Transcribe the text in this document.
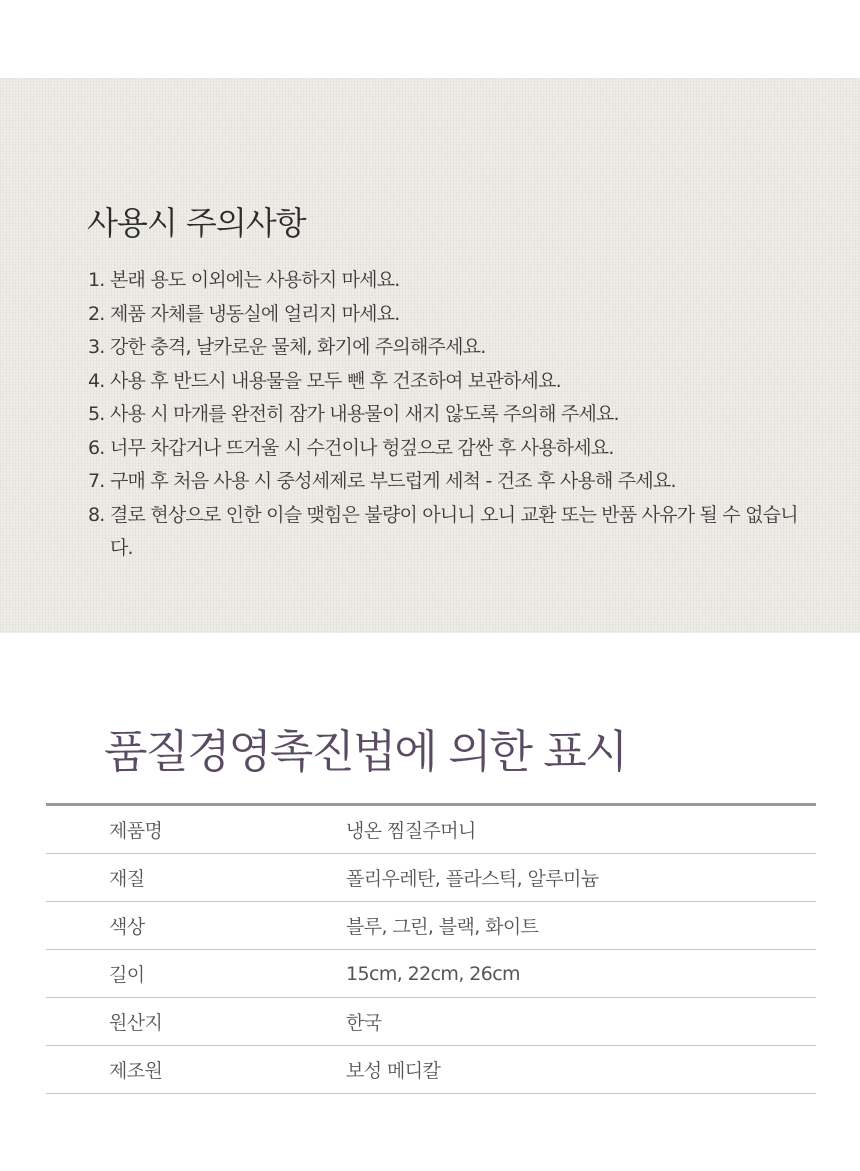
사용시 주의사항
1. 본래 용도 이외에는 사용하지 마세요.
2. 제품 자체를 냉동실에 얼리지 마세요.
3. 강한 충격, 날카로운 물체, 화기에 주의해주세요.
4. 사용 후 반드시 내용물을 모두 뺀 후 건조하여 보관하세요.
5. 사용 시 마개를 완전히 잠가 내용물이 새지 않도록 주의해 주세요.
6. 너무 차갑거나 뜨거울 시 수건이나 헝겊으로 감싼 후 사용하세요.
7. 구매 후 처음 사용 시 중성세제로 부드럽게 세척 - 건조 후 사용해 주세요.
8. 결로 현상으로 인한 이슬 맺힘은 불량이 아니니 오니 교환 또는 반품 사유가 될 수 없습니다.
품질경영촉진법에 의한 표시
제품명	냉온 찜질주머니
재질	폴리우레탄, 플라스틱, 알루미늄
색상	블루, 그린, 블랙, 화이트
길이	15cm, 22cm, 26cm
원산지	한국
제조원	보성 메디칼
